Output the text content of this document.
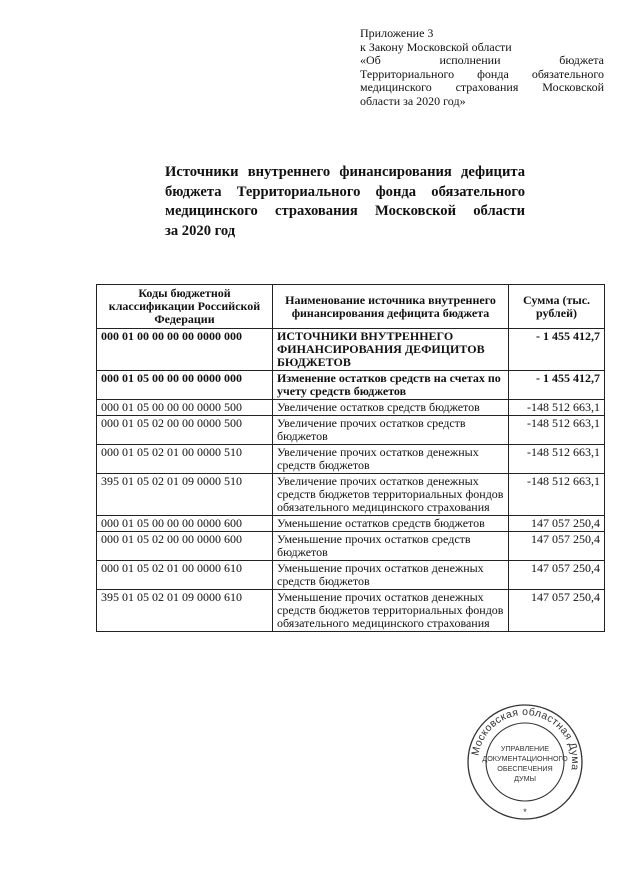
Приложение 3
к Закону Московской области
«Об исполнении бюджета
Территориального фонда обязательного
медицинского страхования Московской
области за 2020 год»
Источники внутреннего финансирования дефицита
бюджета Территориального фонда обязательного
медицинского страхования Московской области
за 2020 год
Коды бюджетной классификации Российской Федерации	Наименование источника внутреннего финансирования дефицита бюджета	Сумма (тыс. рублей)
000 01 00 00 00 00 0000 000	ИСТОЧНИКИ ВНУТРЕННЕГО ФИНАНСИРОВАНИЯ ДЕФИЦИТОВ БЮДЖЕТОВ	- 1 455 412,7
000 01 05 00 00 00 0000 000	Изменение остатков средств на счетах по учету средств бюджетов	- 1 455 412,7
000 01 05 00 00 00 0000 500	Увеличение остатков средств бюджетов	-148 512 663,1
000 01 05 02 00 00 0000 500	Увеличение прочих остатков средств бюджетов	-148 512 663,1
000 01 05 02 01 00 0000 510	Увеличение прочих остатков денежных средств бюджетов	-148 512 663,1
395 01 05 02 01 09 0000 510	Увеличение прочих остатков денежных средств бюджетов территориальных фондов обязательного медицинского страхования	-148 512 663,1
000 01 05 00 00 00 0000 600	Уменьшение остатков средств бюджетов	147 057 250,4
000 01 05 02 00 00 0000 600	Уменьшение прочих остатков средств бюджетов	147 057 250,4
000 01 05 02 01 00 0000 610	Уменьшение прочих остатков денежных средств бюджетов	147 057 250,4
395 01 05 02 01 09 0000 610	Уменьшение прочих остатков денежных средств бюджетов территориальных фондов обязательного медицинского страхования	147 057 250,4
Московская областная Дума
УПРАВЛЕНИЕ
ДОКУМЕНТАЦИОННОГО
ОБЕСПЕЧЕНИЯ
ДУМЫ
*
